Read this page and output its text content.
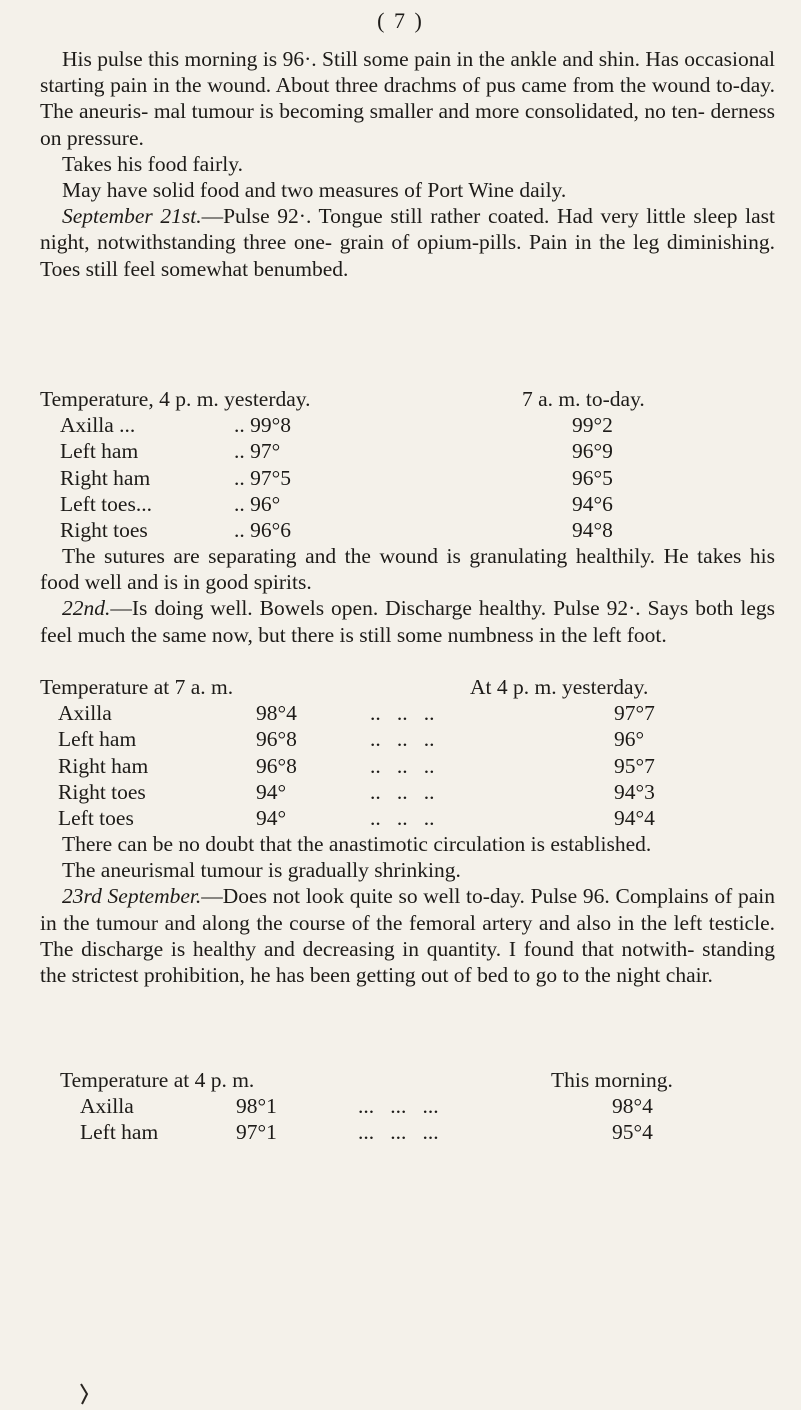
( 7 )

His pulse this morning is 96·. Still some pain in the ankle and shin. Has occasional starting pain in the wound. About three drachms of pus came from the wound to-day. The aneuris- mal tumour is becoming smaller and more consolidated, no ten- derness on pressure.

Takes his food fairly.

May have solid food and two measures of Port Wine daily.

September 21st.—Pulse 92·. Tongue still rather coated. Had very little sleep last night, notwithstanding three one- grain of opium-pills. Pain in the leg diminishing. Toes still feel somewhat benumbed.

Temperature, 4 p. m. yesterday.	7 a. m. to-day.
Axilla ...	.. 99°8	99°2
Left ham	.. 97°	96°9
Right ham	.. 97°5	96°5
Left toes...	.. 96°	94°6
Right toes	.. 96°6	94°8

The sutures are separating and the wound is granulating healthily. He takes his food well and is in good spirits.

22nd.—Is doing well. Bowels open. Discharge healthy. Pulse 92·. Says both legs feel much the same now, but there is still some numbness in the left foot.

Temperature at 7 a. m.	At 4 p. m. yesterday.
Axilla	98°4	..   ..   ..	97°7
Left ham	96°8	..   ..   ..	96°
Right ham	96°8	..   ..   ..	95°7
Right toes	94°	..   ..   ..	94°3
Left toes	94°	..   ..   ..	94°4

There can be no doubt that the anastimotic circulation is established.

The aneurismal tumour is gradually shrinking.

23rd September.—Does not look quite so well to-day. Pulse 96. Complains of pain in the tumour and along the course of the femoral artery and also in the left testicle. The discharge is healthy and decreasing in quantity. I found that notwith- standing the strictest prohibition, he has been getting out of bed to go to the night chair.

Temperature at 4 p. m.	This morning.
Axilla	98°1	...   ...   ...	98°4
Left ham	97°1	...   ...   ...	95°4
